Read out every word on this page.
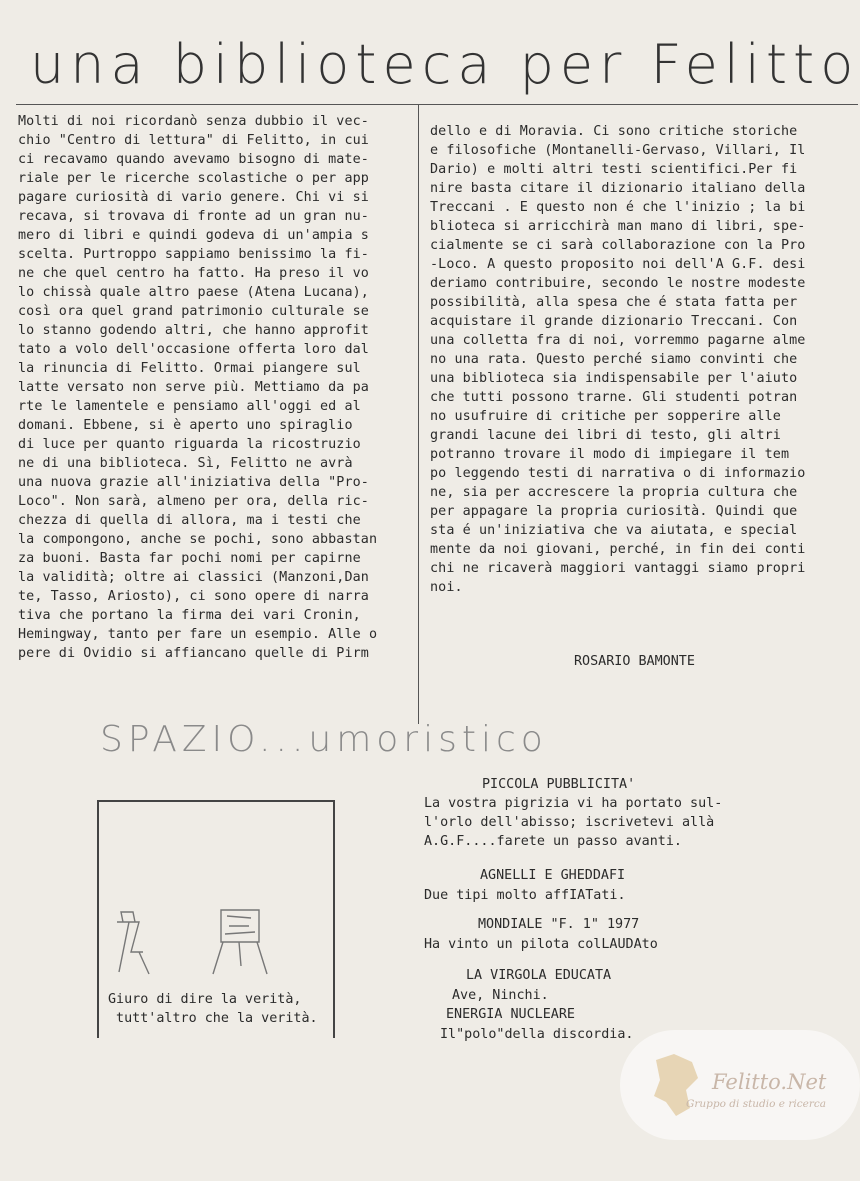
una biblioteca per Felitto
Molti di noi ricordanò senza dubbio il vec-
chio "Centro di lettura" di Felitto, in cui
ci recavamo quando avevamo bisogno di mate-
riale per le ricerche scolastiche o per app
pagare curiosità di vario genere. Chi vi si
recava, si trovava di fronte ad un gran nu-
mero di libri e quindi godeva di un'ampia s
scelta. Purtroppo sappiamo benissimo la fi-
ne che quel centro ha fatto. Ha preso il vo
lo chissà quale altro paese (Atena Lucana),
così ora quel grand patrimonio culturale se
lo stanno godendo altri, che hanno approfit
tato a volo dell'occasione offerta loro dal
la rinuncia di Felitto. Ormai piangere sul
latte versato non serve più. Mettiamo da pa
rte le lamentele e pensiamo all'oggi ed al
domani. Ebbene, si è aperto uno spiraglio
di luce per quanto riguarda la ricostruzio
ne di una biblioteca. Sì, Felitto ne avrà
una nuova grazie all'iniziativa della "Pro-
Loco". Non sarà, almeno per ora, della ric-
chezza di quella di allora, ma i testi che
la compongono, anche se pochi, sono abbastan
za buoni. Basta far pochi nomi per capirne
la validità; oltre ai classici (Manzoni,Dan
te, Tasso, Ariosto), ci sono opere di narra
tiva che portano la firma dei vari Cronin,
Hemingway, tanto per fare un esempio. Alle o
pere di Ovidio si affiancano quelle di Pirm
dello e di Moravia. Ci sono critiche storiche
e filosofiche (Montanelli-Gervaso, Villari, Il
Dario) e molti altri testi scientifici.Per fi
nire basta citare il dizionario italiano della
Treccani . E questo non é che l'inizio ; la bi
blioteca si arricchirà man mano di libri, spe-
cialmente se ci sarà collaborazione con la Pro
-Loco. A questo proposito noi dell'A G.F. desi
deriamo contribuire, secondo le nostre modeste
possibilità, alla spesa che é stata fatta per
acquistare il grande dizionario Treccani. Con
una colletta fra di noi, vorremmo pagarne alme
no una rata. Questo perché siamo convinti che
una biblioteca sia indispensabile per l'aiuto
che tutti possono trarne. Gli studenti potran
no usufruire di critiche per sopperire alle
grandi lacune dei libri di testo, gli altri
potranno trovare il modo di impiegare il tem
po leggendo testi di narrativa o di informazio
ne, sia per accrescere la propria cultura che
per appagare la propria curiosità. Quindi que
sta é un'iniziativa che va aiutata, e special
mente da noi giovani, perché, in fin dei conti
chi ne ricaverà maggiori vantaggi siamo propri
noi.
ROSARIO BAMONTE
SPAZIO...umoristico
Giuro di dire la verità,
tutt'altro che la verità.
PICCOLA PUBBLICITA'
La vostra pigrizia vi ha portato sul-
l'orlo dell'abisso; iscrivetevi allà
A.G.F....farete un passo avanti.
AGNELLI E GHEDDAFI
Due tipi molto affIATati.
MONDIALE "F. 1" 1977
Ha vinto un pilota colLAUDAto
LA VIRGOLA EDUCATA
Ave, Ninchi.
ENERGIA NUCLEARE
Il"polo"della discordia.
Felitto.Net
Gruppo di studio e ricerca
